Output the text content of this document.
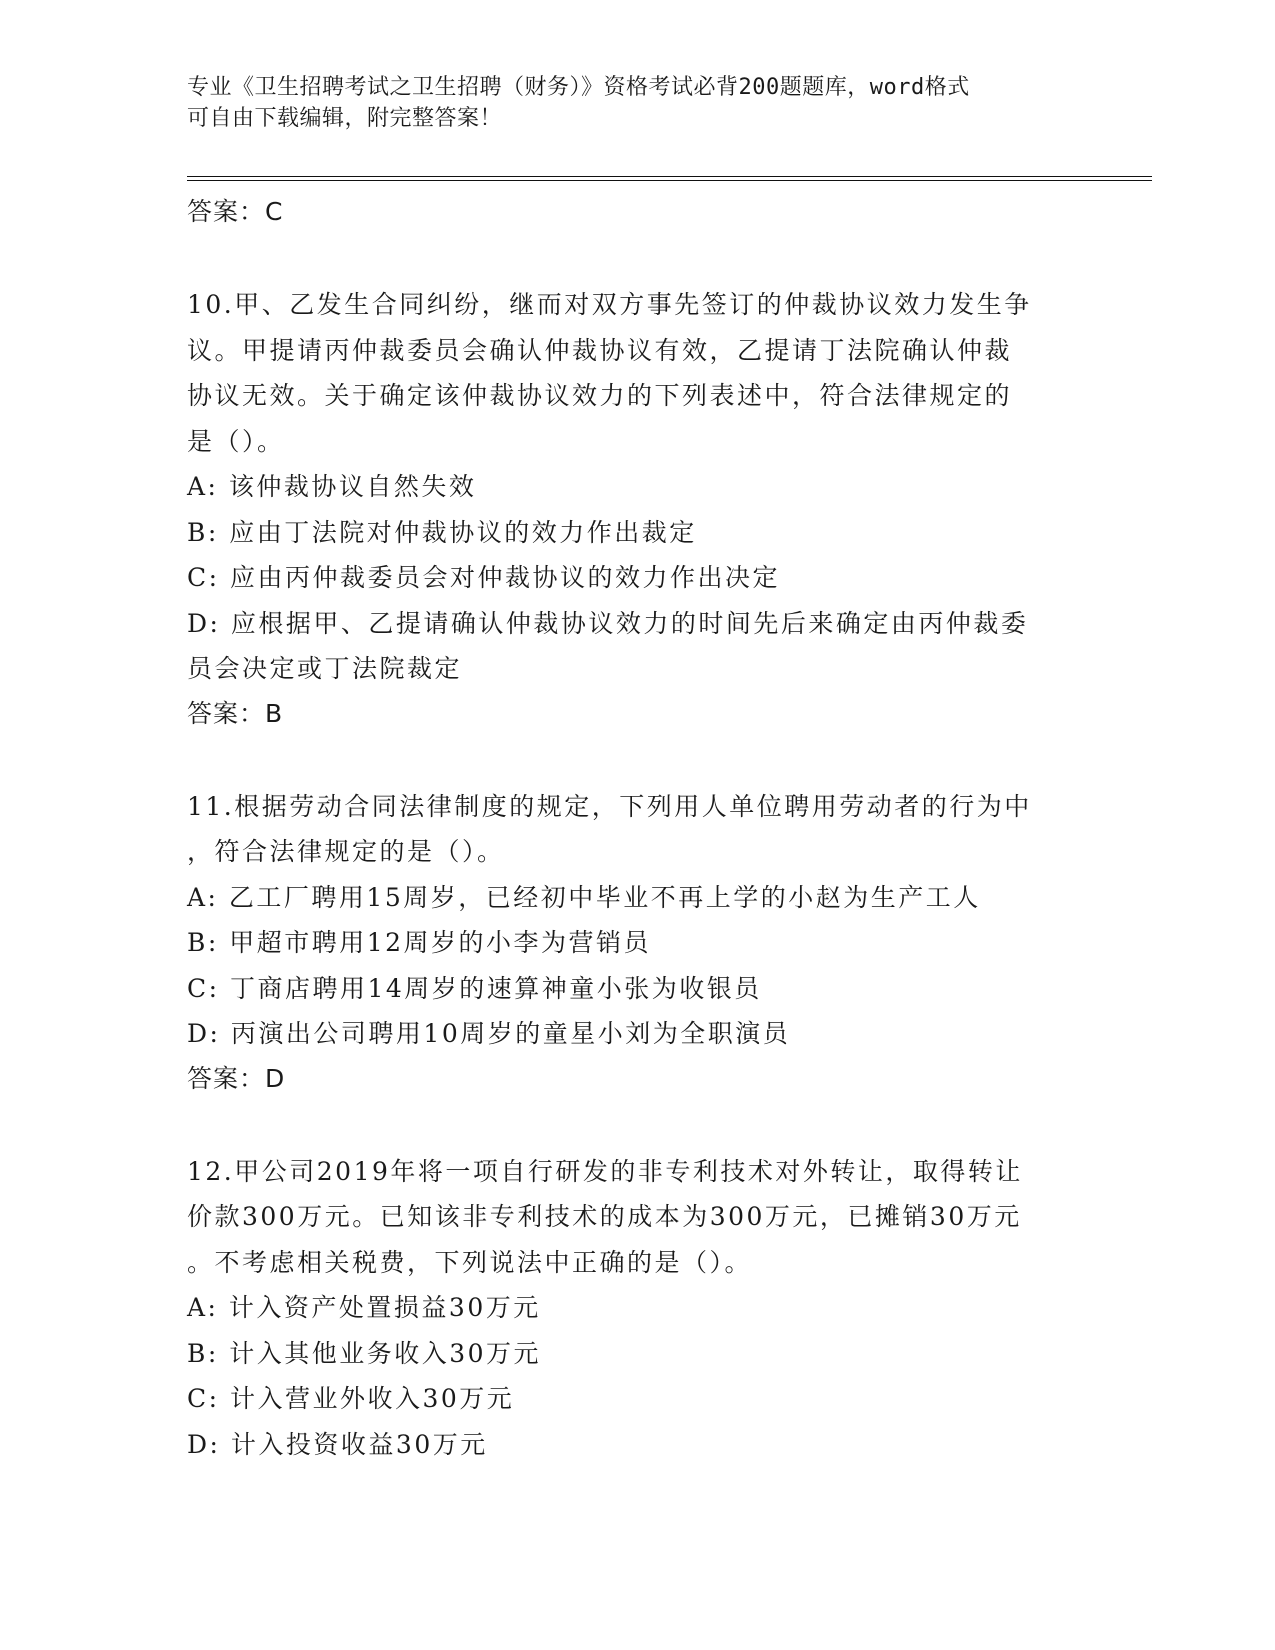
专业《卫生招聘考试之卫生招聘（财务）》资格考试必背200题题库，word格式
可自由下载编辑，附完整答案！
答案：C
10.甲、乙发生合同纠纷，继而对双方事先签订的仲裁协议效力发生争
议。甲提请丙仲裁委员会确认仲裁协议有效，乙提请丁法院确认仲裁
协议无效。关于确定该仲裁协议效力的下列表述中，符合法律规定的
是（）。
A: 该仲裁协议自然失效
B: 应由丁法院对仲裁协议的效力作出裁定
C: 应由丙仲裁委员会对仲裁协议的效力作出决定
D: 应根据甲、乙提请确认仲裁协议效力的时间先后来确定由丙仲裁委
员会决定或丁法院裁定
答案：B
11.根据劳动合同法律制度的规定，下列用人单位聘用劳动者的行为中
，符合法律规定的是（）。
A: 乙工厂聘用15周岁，已经初中毕业不再上学的小赵为生产工人
B: 甲超市聘用12周岁的小李为营销员
C: 丁商店聘用14周岁的速算神童小张为收银员
D: 丙演出公司聘用10周岁的童星小刘为全职演员
答案：D
12.甲公司2019年将一项自行研发的非专利技术对外转让，取得转让
价款300万元。已知该非专利技术的成本为300万元，已摊销30万元
。不考虑相关税费，下列说法中正确的是（）。
A: 计入资产处置损益30万元
B: 计入其他业务收入30万元
C: 计入营业外收入30万元
D: 计入投资收益30万元
